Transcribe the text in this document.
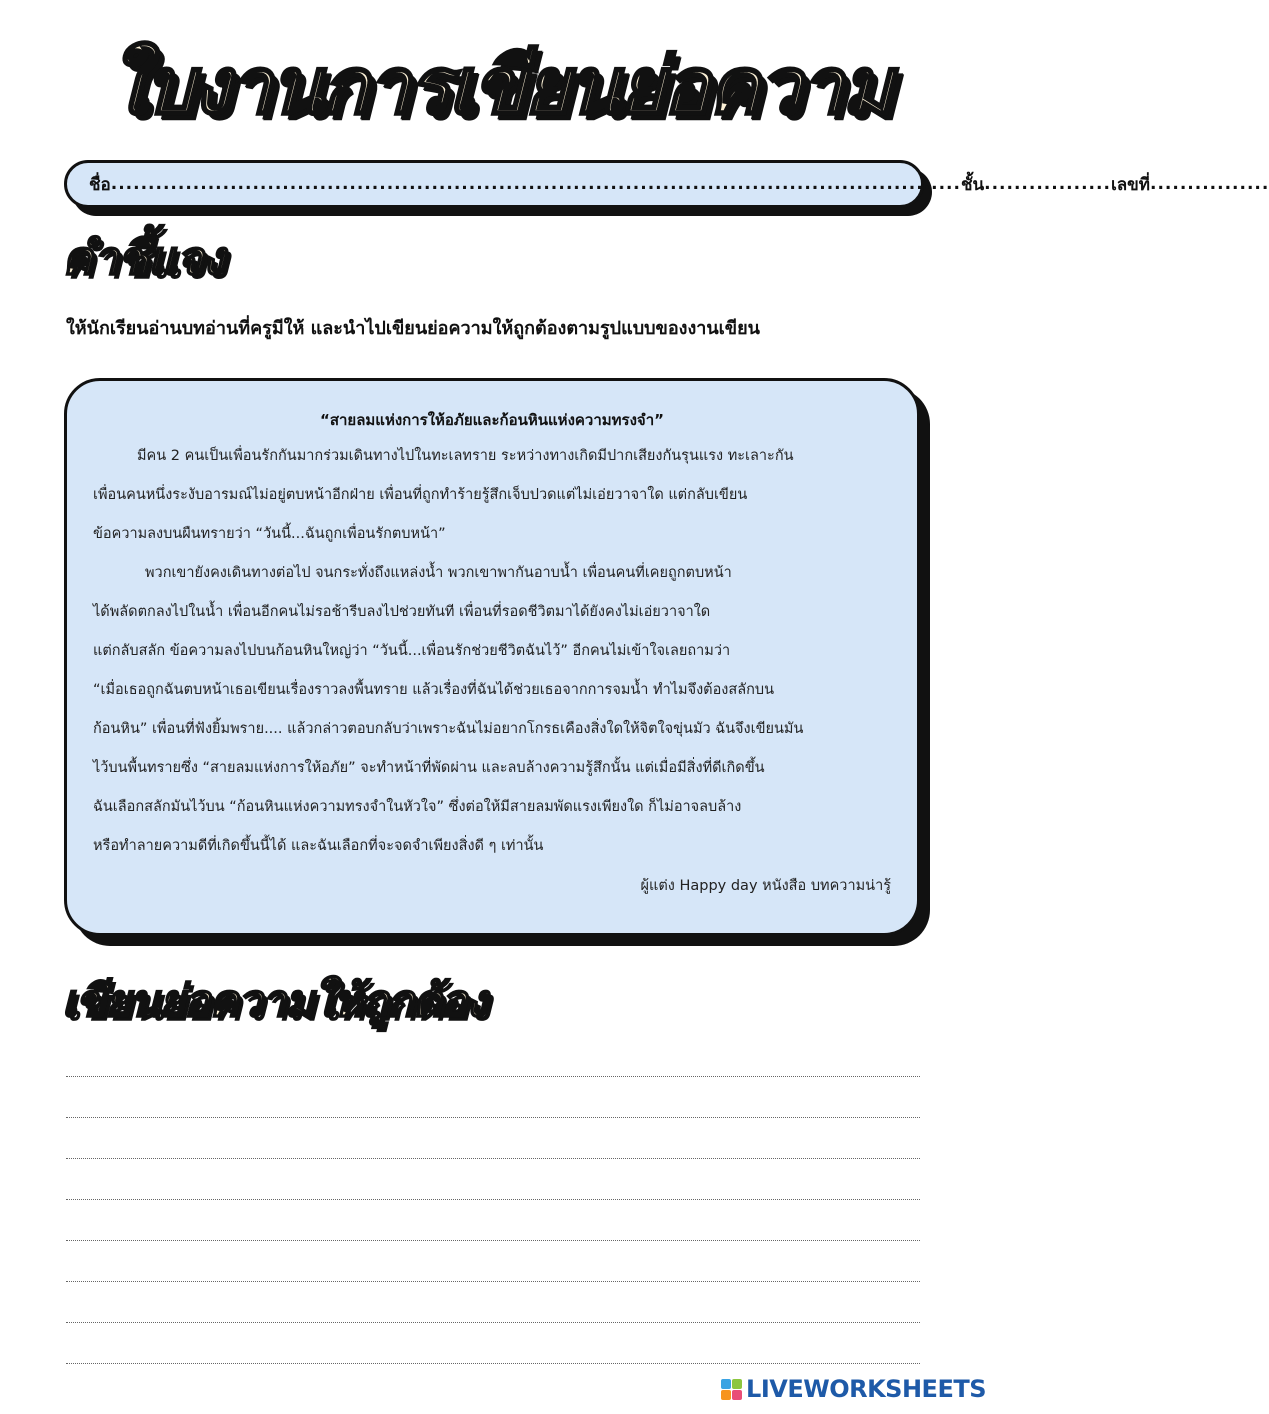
ใบงานการเขียนย่อความ
ชื่อ .................................................................................................................. ชั้น ................. เลขที่ ................
คำชี้แจง
ให้นักเรียนอ่านบทอ่านที่ครูมีให้ และนำไปเขียนย่อความให้ถูกต้องตามรูปแบบของงานเขียน
“สายลมแห่งการให้อภัยและก้อนหินแห่งความทรงจำ”
มีคน 2 คนเป็นเพื่อนรักกันมากร่วมเดินทางไปในทะเลทราย ระหว่างทางเกิดมีปากเสียงกันรุนแรง ทะเลาะกัน
เพื่อนคนหนึ่งระงับอารมณ์ไม่อยู่ตบหน้าอีกฝ่าย เพื่อนที่ถูกทำร้ายรู้สึกเจ็บปวดแต่ไม่เอ่ยวาจาใด แต่กลับเขียน
ข้อความลงบนผืนทรายว่า “วันนี้...ฉันถูกเพื่อนรักตบหน้า”
พวกเขายังคงเดินทางต่อไป จนกระทั่งถึงแหล่งน้ำ พวกเขาพากันอาบน้ำ เพื่อนคนที่เคยถูกตบหน้า
ได้พลัดตกลงไปในน้ำ เพื่อนอีกคนไม่รอช้ารีบลงไปช่วยทันที เพื่อนที่รอดชีวิตมาได้ยังคงไม่เอ่ยวาจาใด
แต่กลับสลัก ข้อความลงไปบนก้อนหินใหญ่ว่า “วันนี้...เพื่อนรักช่วยชีวิตฉันไว้” อีกคนไม่เข้าใจเลยถามว่า
“เมื่อเธอถูกฉันตบหน้าเธอเขียนเรื่องราวลงพื้นทราย แล้วเรื่องที่ฉันได้ช่วยเธอจากการจมน้ำ ทำไมจึงต้องสลักบน
ก้อนหิน” เพื่อนที่ฟังยิ้มพราย.... แล้วกล่าวตอบกลับว่าเพราะฉันไม่อยากโกรธเคืองสิ่งใดให้จิตใจขุ่นมัว ฉันจึงเขียนมัน
ไว้บนพื้นทรายซึ่ง “สายลมแห่งการให้อภัย” จะทำหน้าที่พัดผ่าน และลบล้างความรู้สึกนั้น แต่เมื่อมีสิ่งที่ดีเกิดขึ้น
ฉันเลือกสลักมันไว้บน “ก้อนหินแห่งความทรงจำในหัวใจ” ซึ่งต่อให้มีสายลมพัดแรงเพียงใด ก็ไม่อาจลบล้าง
หรือทำลายความดีที่เกิดขึ้นนี้ได้ และฉันเลือกที่จะจดจำเพียงสิ่งดี ๆ เท่านั้น
ผู้แต่ง Happy day หนังสือ บทความน่ารู้
เขียนย่อความให้ถูกต้อง
LIVEWORKSHEETS
